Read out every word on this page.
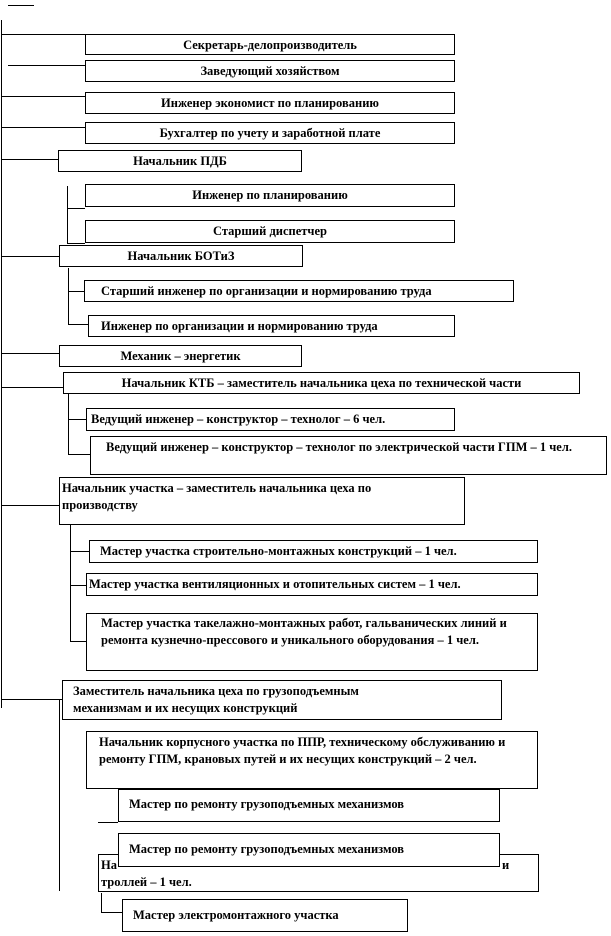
Секретарь-делопроизводитель
Заведующий хозяйством
Инженер экономист по планированию
Бухгалтер по учету и заработной плате
Начальник ПДБ
Инженер по планированию
Старший диспетчер
Начальник БОТиЗ
Старший инженер по организации и нормированию труда
Инженер по организации и нормированию труда
Механик – энергетик
Начальник КТБ – заместитель начальника цеха по технической части
Ведущий инженер – конструктор – технолог – 6 чел.
Ведущий инженер – конструктор – технолог по электрической части ГПМ – 1 чел.
Начальник участка – заместитель начальника цеха по производству
Мастер участка строительно-монтажных конструкций – 1 чел.
Мастер участка вентиляционных и отопительных систем – 1 чел.
Мастер участка такелажно-монтажных работ, гальванических линий и ремонта кузнечно-прессового и уникального оборудования – 1 чел.
Заместитель начальника цеха по грузоподъемным механизмам и их несущих конструкций
Начальник корпусного участка по ППР, техническому обслуживанию и ремонту ГПМ, крановых путей и их несущих конструкций – 2 чел.
На	и
троллей – 1 чел.
Мастер по ремонту грузоподъемных механизмов
Мастер по ремонту грузоподъемных механизмов
Мастер электромонтажного участка
